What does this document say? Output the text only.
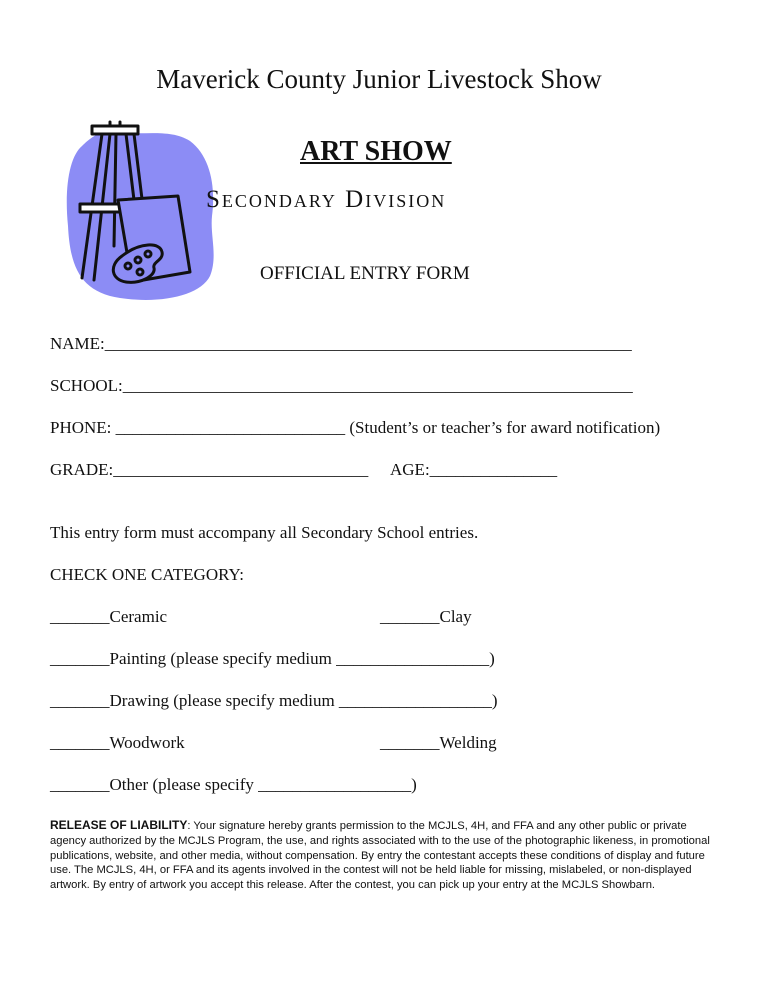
Maverick County Junior Livestock Show
ART SHOW
Secondary Division
OFFICIAL ENTRY FORM
NAME:______________________________________________________________
SCHOOL:____________________________________________________________
PHONE: ___________________________ (Student’s or teacher’s for award notification)
GRADE:______________________________ AGE:_______________
This entry form must accompany all Secondary School entries.
CHECK ONE CATEGORY:
_______Ceramic	_______Clay
_______Painting (please specify medium __________________)
_______Drawing (please specify medium __________________)
_______Woodwork	_______Welding
_______Other (please specify __________________)
RELEASE OF LIABILITY: Your signature hereby grants permission to the MCJLS, 4H, and FFA and any other public or private agency authorized by the MCJLS Program, the use, and rights associated with to the use of the photographic likeness, in promotional publications, website, and other media, without compensation. By entry the contestant accepts these conditions of display and future use. The MCJLS, 4H, or FFA and its agents involved in the contest will not be held liable for missing, mislabeled, or non-displayed artwork. By entry of artwork you accept this release. After the contest, you can pick up your entry at the MCJLS Showbarn.
